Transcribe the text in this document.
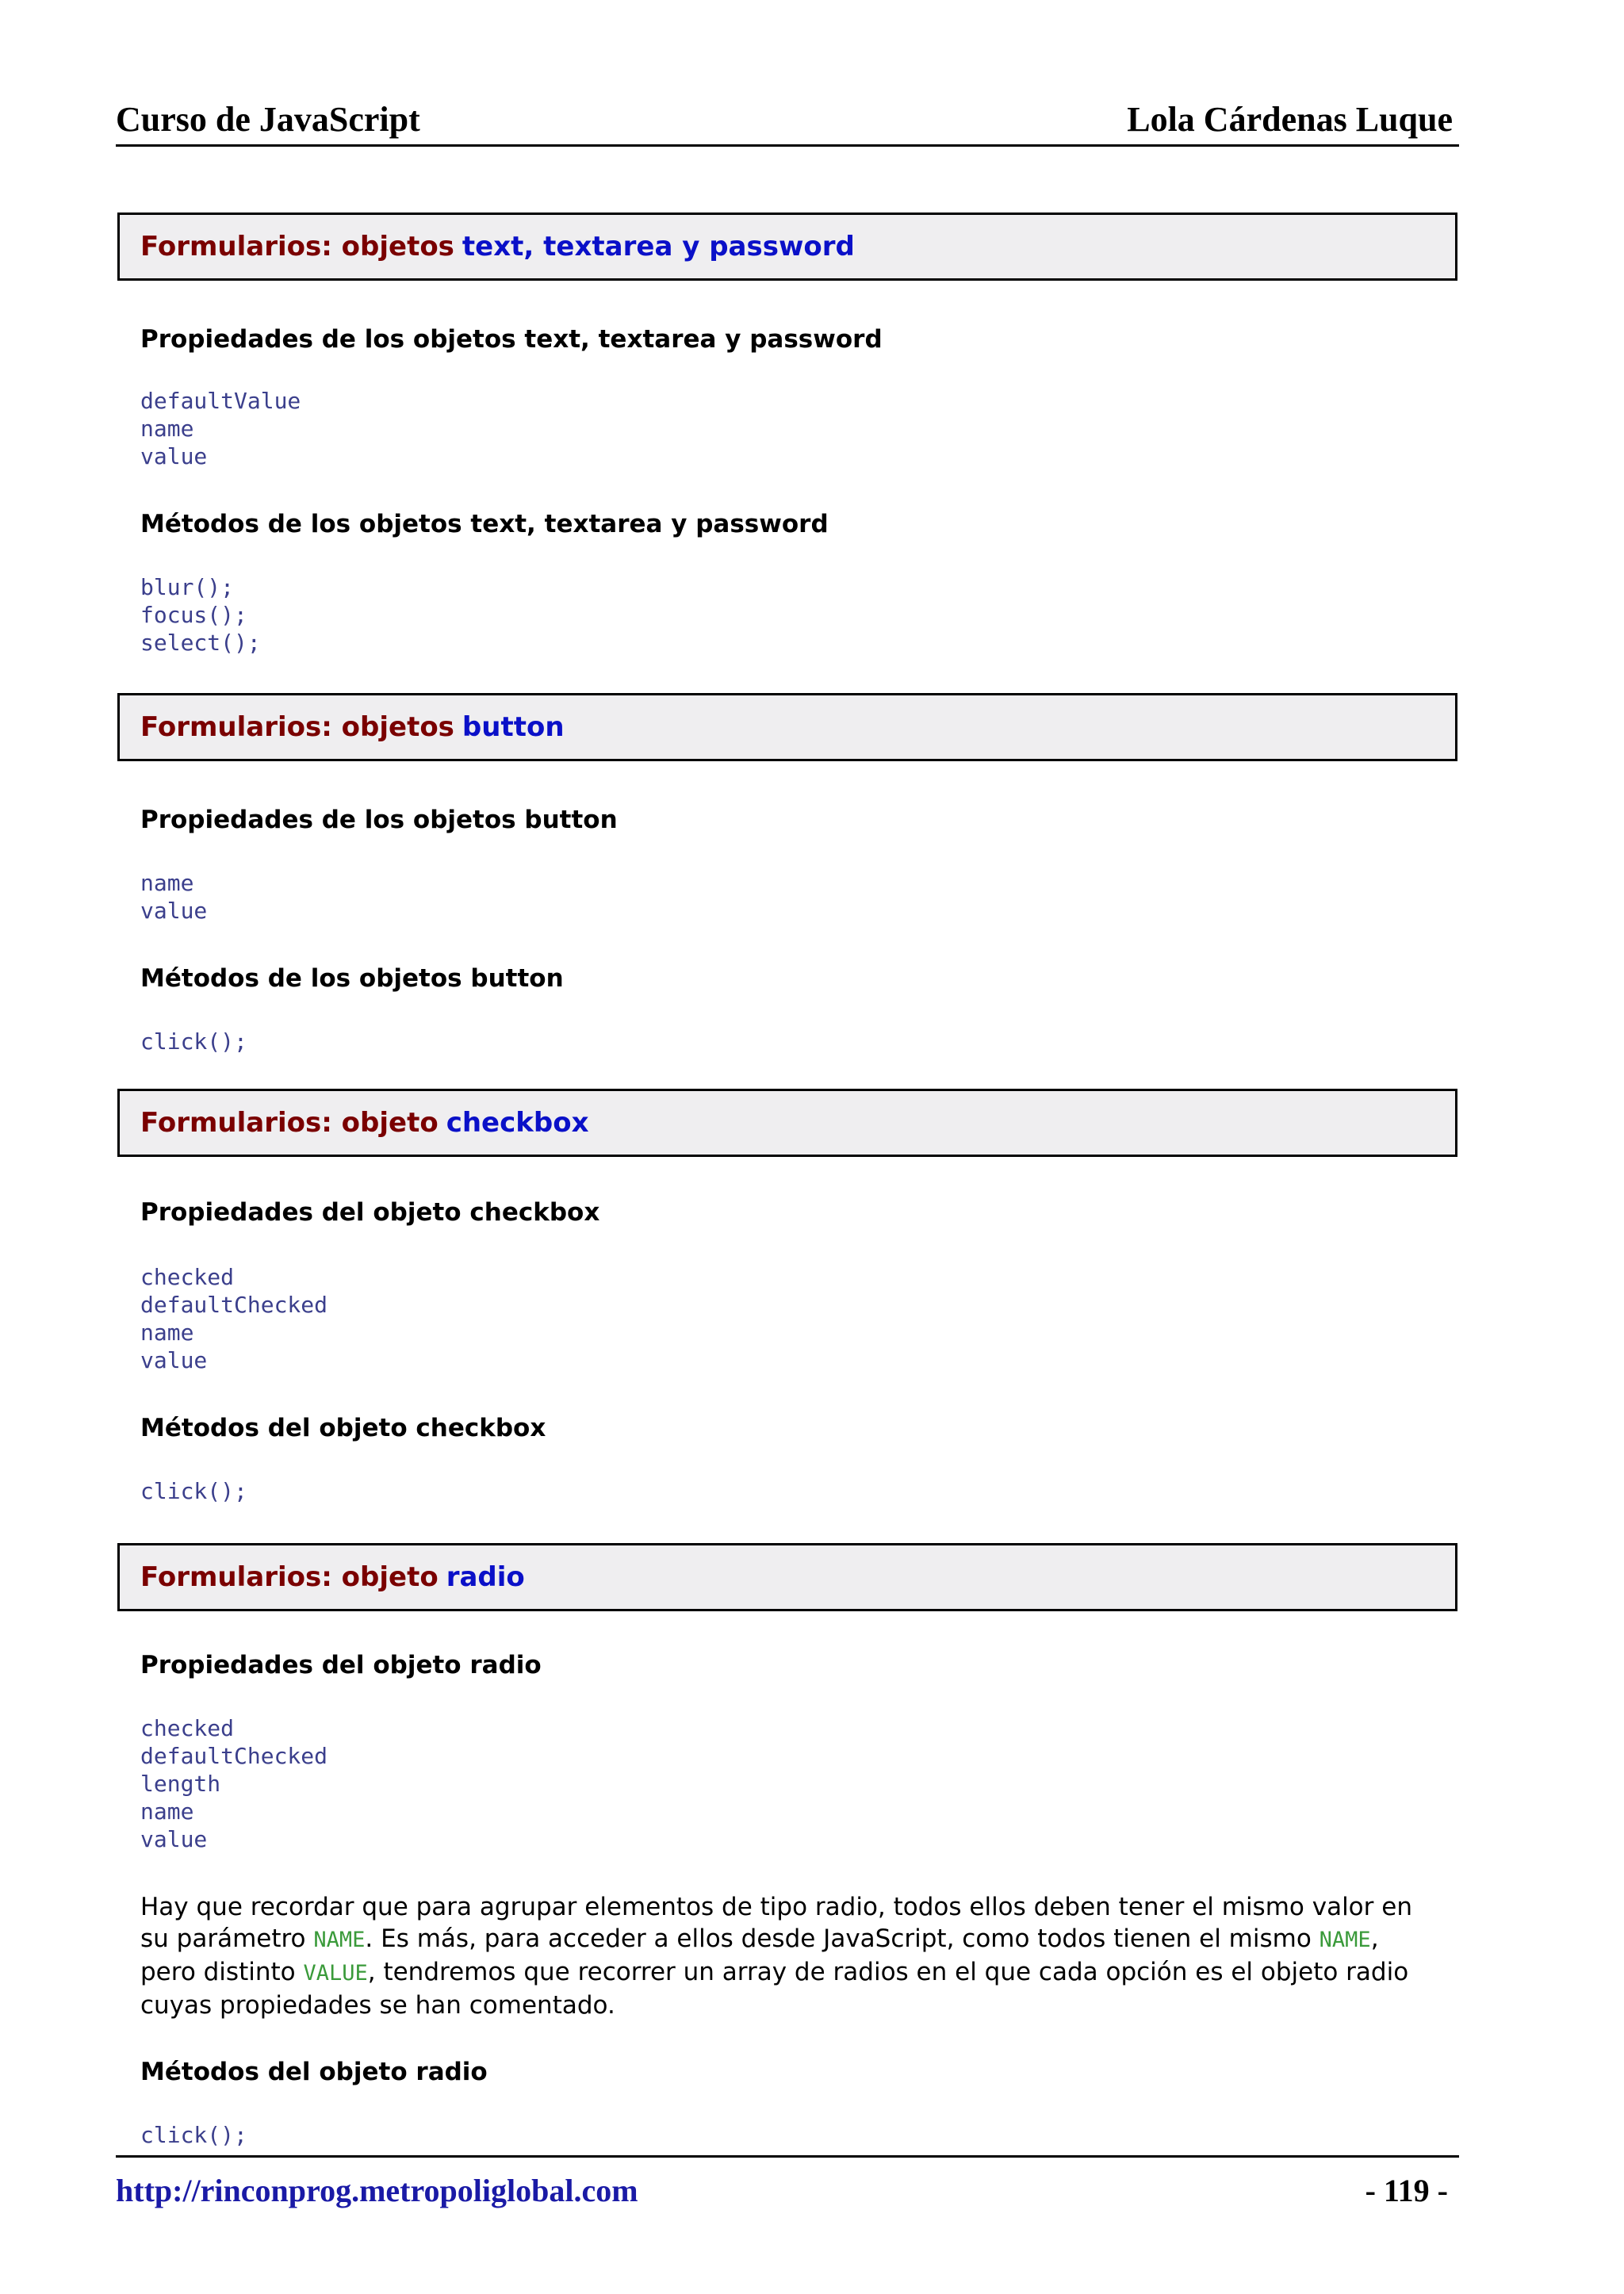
Curso de JavaScript	Lola Cárdenas Luque
Formularios: objetos text, textarea y password
Propiedades de los objetos text, textarea y password
defaultValue
name
value
Métodos de los objetos text, textarea y password
blur();
focus();
select();
Formularios: objetos button
Propiedades de los objetos button
name
value
Métodos de los objetos button
click();
Formularios: objeto checkbox
Propiedades del objeto checkbox
checked
defaultChecked
name
value
Métodos del objeto checkbox
click();
Formularios: objeto radio
Propiedades del objeto radio
checked
defaultChecked
length
name
value
Hay que recordar que para agrupar elementos de tipo radio, todos ellos deben tener el mismo valor en su parámetro NAME. Es más, para acceder a ellos desde JavaScript, como todos tienen el mismo NAME, pero distinto VALUE, tendremos que recorrer un array de radios en el que cada opción es el objeto radio cuyas propiedades se han comentado.
Métodos del objeto radio
click();
http://rinconprog.metropoliglobal.com	- 119 -
